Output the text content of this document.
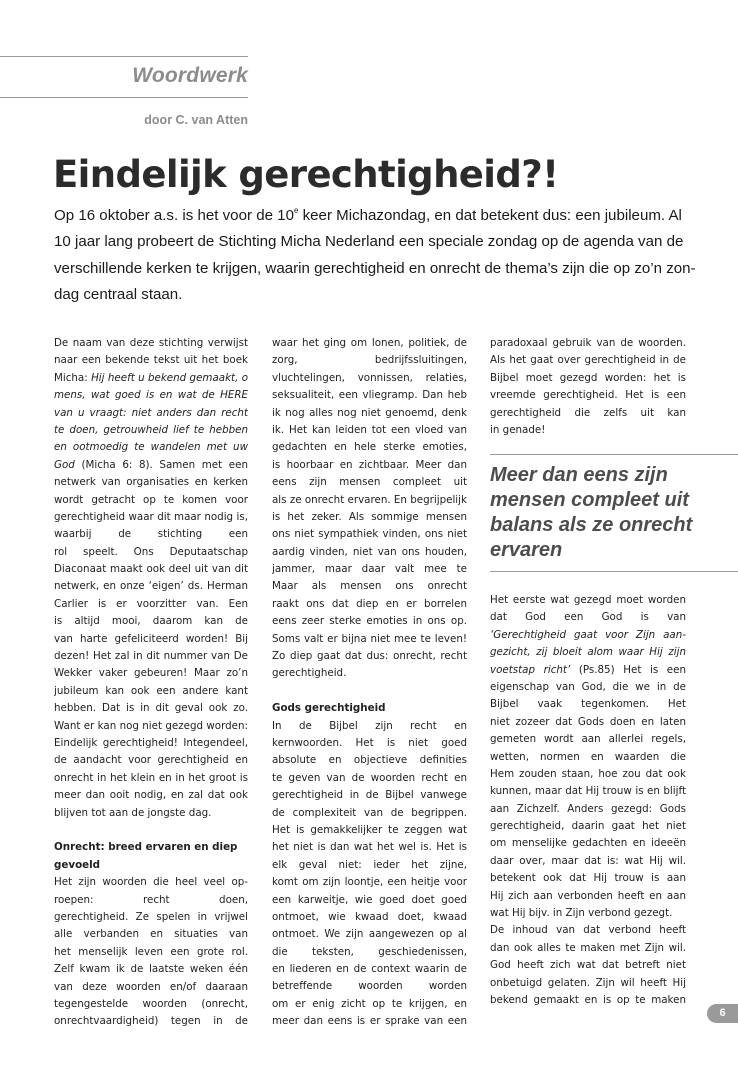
Woordwerk
door C. van Atten
Eindelijk gerechtigheid?!
Op 16 oktober a.s. is het voor de 10e keer Michazondag, en dat betekent dus: een jubileum. Al
10 jaar lang probeert de Stichting Micha Nederland een speciale zondag op de agenda van de
verschillende kerken te krijgen, waarin gerechtigheid en onrecht de thema’s zijn die op zo’n zon-
dag centraal staan.
De naam van deze stichting verwijst
naar een bekende tekst uit het boek
Micha: Hij heeft u bekend gemaakt, o
mens, wat goed is en wat de HERE
van u vraagt: niet anders dan recht
te doen, getrouwheid lief te hebben
en ootmoedig te wandelen met uw
God (Micha 6: 8). Samen met een
netwerk van organisaties en kerken
wordt getracht op te komen voor
gerechtigheid waar dit maar nodig is,
waarbij de stichting een
rol speelt. Ons Deputaatschap
Diaconaat maakt ook deel uit van dit
netwerk, en onze ‘eigen’ ds. Herman
Carlier is er voorzitter van. Een
is altijd mooi, daarom kan de
van harte gefeliciteerd worden! Bij
dezen! Het zal in dit nummer van De
Wekker vaker gebeuren! Maar zo’n
jubileum kan ook een andere kant
hebben. Dat is in dit geval ook zo.
Want er kan nog niet gezegd worden:
Eindelijk gerechtigheid! Integendeel,
de aandacht voor gerechtigheid en
onrecht in het klein en in het groot is
meer dan ooit nodig, en zal dat ook
blijven tot aan de jongste dag.
Onrecht: breed ervaren en diep
gevoeld
Het zijn woorden die heel veel op-
roepen: recht doen,
gerechtigheid. Ze spelen in vrijwel
alle verbanden en situaties van
het menselijk leven een grote rol.
Zelf kwam ik de laatste weken één
van deze woorden en/of daaraan
tegengestelde woorden (onrecht,
onrechtvaardigheid) tegen in de
waar het ging om lonen, politiek, de
zorg, bedrijfssluitingen,
vluchtelingen, vonnissen, relaties,
seksualiteit, een vliegramp. Dan heb
ik nog alles nog niet genoemd, denk
ik. Het kan leiden tot een vloed van
gedachten en hele sterke emoties,
is hoorbaar en zichtbaar. Meer dan
eens zijn mensen compleet uit
als ze onrecht ervaren. En begrijpelijk
is het zeker. Als sommige mensen
ons niet sympathiek vinden, ons niet
aardig vinden, niet van ons houden,
jammer, maar daar valt mee te
Maar als mensen ons onrecht
raakt ons dat diep en er borrelen
eens zeer sterke emoties in ons op.
Soms valt er bijna niet mee te leven!
Zo diep gaat dat dus: onrecht, recht
gerechtigheid.
Gods gerechtigheid
In de Bijbel zijn recht en
kernwoorden. Het is niet goed
absolute en objectieve definities
te geven van de woorden recht en
gerechtigheid in de Bijbel vanwege
de complexiteit van de begrippen.
Het is gemakkelijker te zeggen wat
het niet is dan wat het wel is. Het is
elk geval niet: ieder het zijne,
komt om zijn loontje, een heitje voor
een karweitje, wie goed doet goed
ontmoet, wie kwaad doet, kwaad
ontmoet. We zijn aangewezen op al
die teksten, geschiedenissen,
en liederen en de context waarin de
betreffende woorden worden
om er enig zicht op te krijgen, en
meer dan eens is er sprake van een
paradoxaal gebruik van de woorden.
Als het gaat over gerechtigheid in de
Bijbel moet gezegd worden: het is
vreemde gerechtigheid. Het is een
gerechtigheid die zelfs uit kan
in genade!
Meer dan eens zijn
mensen compleet uit
balans als ze onrecht
ervaren
Het eerste wat gezegd moet worden
dat God een God is van
‘Gerechtigheid gaat voor Zijn aan-
gezicht, zij bloeit alom waar Hij zijn
voetstap richt’ (Ps.85) Het is een
eigenschap van God, die we in de
Bijbel vaak tegenkomen. Het
niet zozeer dat Gods doen en laten
gemeten wordt aan allerlei regels,
wetten, normen en waarden die
Hem zouden staan, hoe zou dat ook
kunnen, maar dat Hij trouw is en blijft
aan Zichzelf. Anders gezegd: Gods
gerechtigheid, daarin gaat het niet
om menselijke gedachten en ideeën
daar over, maar dat is: wat Hij wil.
betekent ook dat Hij trouw is aan
Hij zich aan verbonden heeft en aan
wat Hij bijv. in Zijn verbond gezegt.
De inhoud van dat verbond heeft
dan ook alles te maken met Zijn wil.
God heeft zich wat dat betreft niet
onbetuigd gelaten. Zijn wil heeft Hij
bekend gemaakt en is op te maken
6
